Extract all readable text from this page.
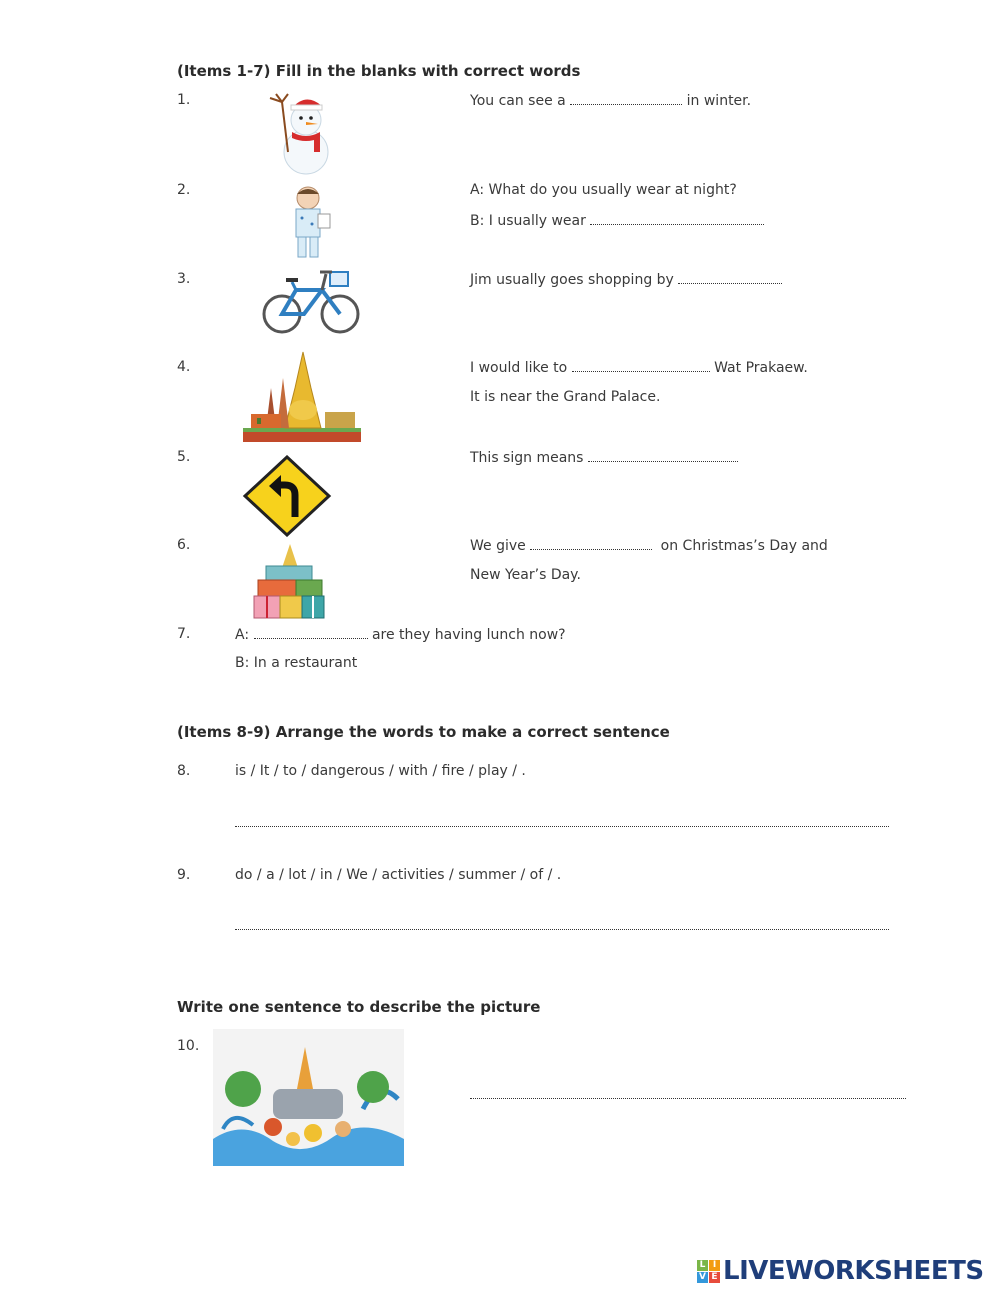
(Items 1-7) Fill in the blanks with correct words
1.	You can see a	in winter.
2.	A: What do you usually wear at night?
B: I usually wear
3.	Jim usually goes shopping by
4.	I would like to	Wat Prakaew.
It is near the Grand Palace.
5.	This sign means
6.	We give	on Christmas’s Day and
New Year’s Day.
7.	A:	are they having lunch now?
B: In a restaurant
(Items 8-9) Arrange the words to make a correct sentence
8.	is / It / to / dangerous / with / fire / play / .
9.	do / a / lot / in / We / activities / summer / of / .
Write one sentence to describe the picture
10.
L I
V E LIVEWORKSHEETS
